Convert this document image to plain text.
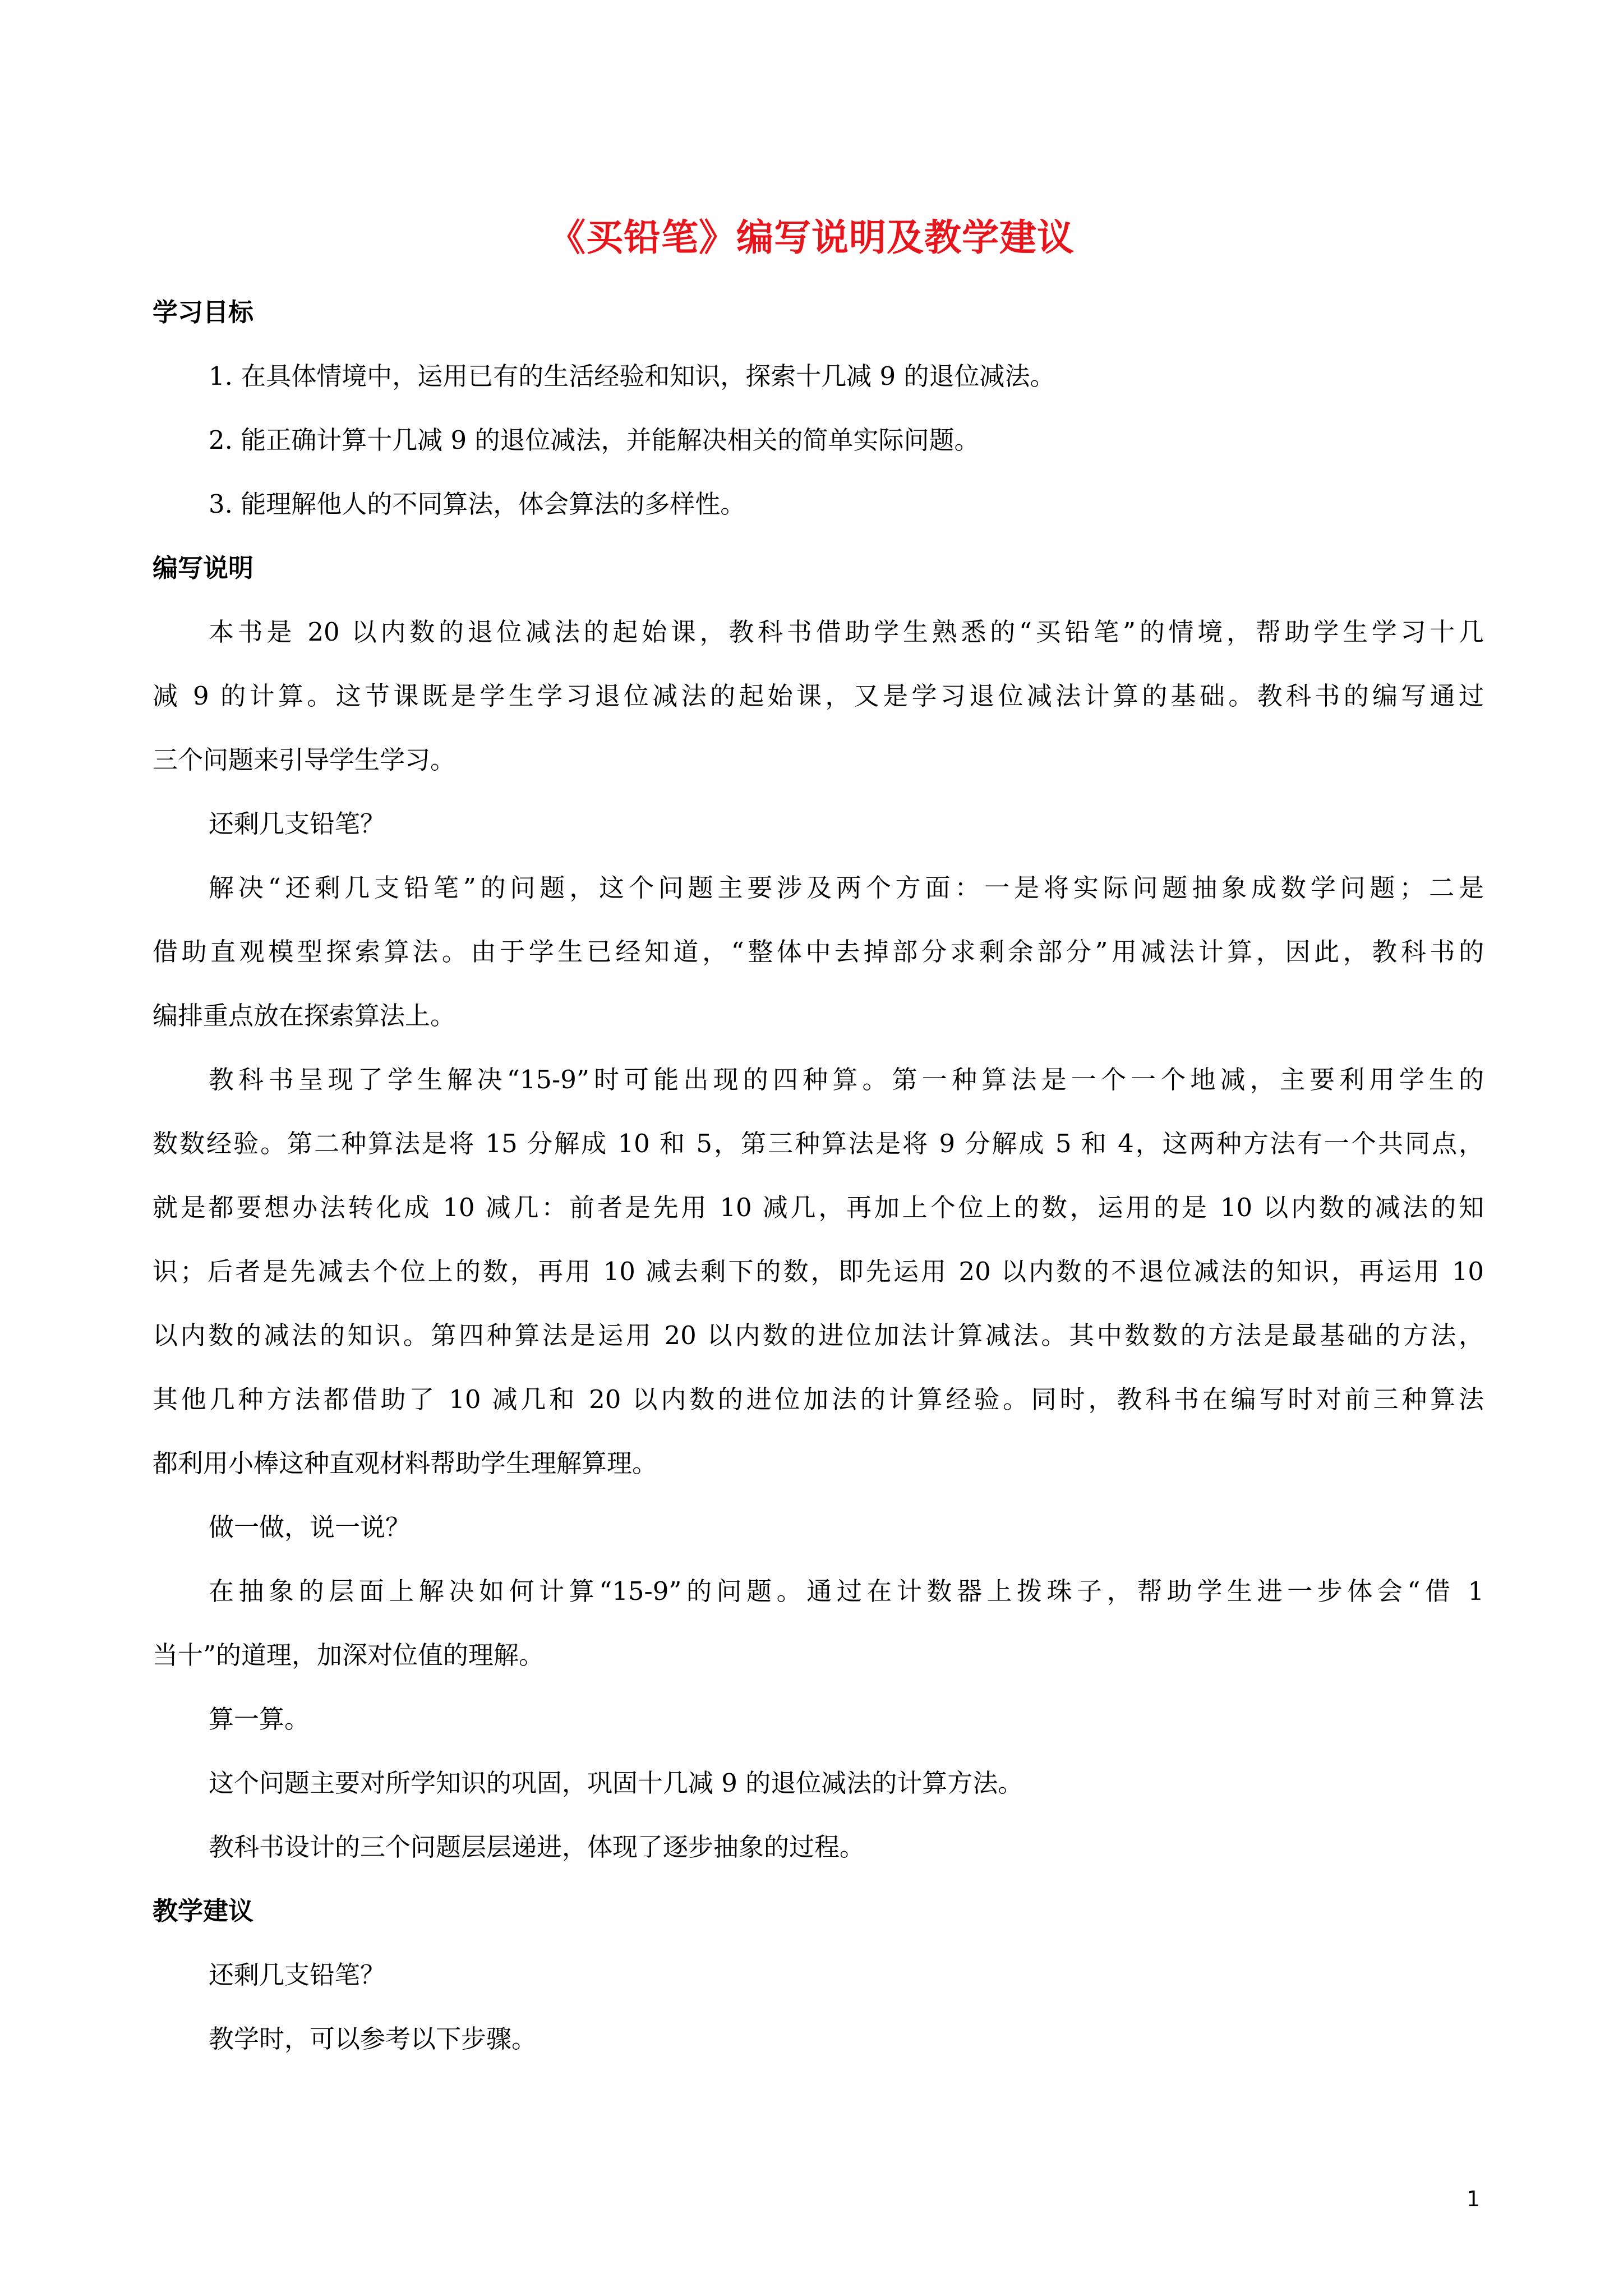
《买铅笔》编写说明及教学建议
学习目标
1. 在具体情境中，运用已有的生活经验和知识，探索十几减 9 的退位减法。
2. 能正确计算十几减 9 的退位减法，并能解决相关的简单实际问题。
3. 能理解他人的不同算法，体会算法的多样性。
编写说明
本书是 20 以内数的退位减法的起始课，教科书借助学生熟悉的“买铅笔”的情境，帮助学生学习十几
减 9 的计算。这节课既是学生学习退位减法的起始课，又是学习退位减法计算的基础。教科书的编写通过
三个问题来引导学生学习。
还剩几支铅笔？
解决“还剩几支铅笔”的问题，这个问题主要涉及两个方面：一是将实际问题抽象成数学问题；二是
借助直观模型探索算法。由于学生已经知道，“整体中去掉部分求剩余部分”用减法计算，因此，教科书的
编排重点放在探索算法上。
教科书呈现了学生解决“15-9”时可能出现的四种算。第一种算法是一个一个地减，主要利用学生的
数数经验。第二种算法是将 15 分解成 10 和 5，第三种算法是将 9 分解成 5 和 4，这两种方法有一个共同点，
就是都要想办法转化成 10 减几：前者是先用 10 减几，再加上个位上的数，运用的是 10 以内数的减法的知
识；后者是先减去个位上的数，再用 10 减去剩下的数，即先运用 20 以内数的不退位减法的知识，再运用 10
以内数的减法的知识。第四种算法是运用 20 以内数的进位加法计算减法。其中数数的方法是最基础的方法，
其他几种方法都借助了 10 减几和 20 以内数的进位加法的计算经验。同时，教科书在编写时对前三种算法
都利用小棒这种直观材料帮助学生理解算理。
做一做，说一说？
在抽象的层面上解决如何计算“15-9”的问题。通过在计数器上拨珠子，帮助学生进一步体会“借 1
当十”的道理，加深对位值的理解。
算一算。
这个问题主要对所学知识的巩固，巩固十几减 9 的退位减法的计算方法。
教科书设计的三个问题层层递进，体现了逐步抽象的过程。
教学建议
还剩几支铅笔？
教学时，可以参考以下步骤。
1
